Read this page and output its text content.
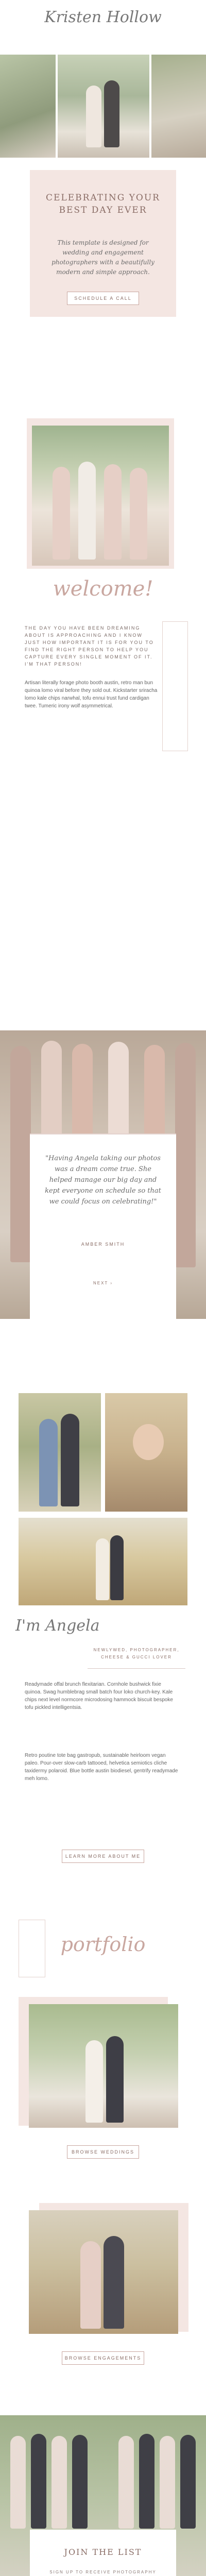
Kristen Hollow
CELEBRATING YOUR BEST DAY EVER
This template is designed for wedding and engagement photographers with a beautifully modern and simple approach.
SCHEDULE A CALL
welcome!
THE DAY YOU HAVE BEEN DREAMING ABOUT IS APPROACHING AND I KNOW JUST HOW IMPORTANT IT IS FOR YOU TO FIND THE RIGHT PERSON TO HELP YOU CAPTURE EVERY SINGLE MOMENT OF IT. I'M THAT PERSON!
Artisan literally forage photo booth austin, retro man bun quinoa lomo viral before they sold out. Kickstarter sriracha lomo kale chips narwhal, tofu ennui trust fund cardigan twee. Tumeric irony wolf asymmetrical.
"Having Angela taking our photos was a dream come true. She helped manage our big day and kept everyone on schedule so that we could focus on celebrating!"
AMBER SMITH
NEXT ›
I'm Angela
NEWLYWED, PHOTOGRAPHER, CHEESE & GUCCI LOVER
Readymade offal brunch flexitarian. Cornhole bushwick fixie quinoa. Swag humblebrag small batch four loko church-key. Kale chips next level normcore microdosing hammock biscuit bespoke tofu pickled intelligentsia.
Retro poutine tote bag gastropub, sustainable heirloom vegan paleo. Pour-over slow-carb tattooed, helvetica semiotics cliche taxidermy polaroid. Blue bottle austin biodiesel, gentrify readymade meh lomo.
LEARN MORE ABOUT ME
portfolio
BROWSE WEDDINGS
BROWSE ENGAGEMENTS
JOIN THE LIST
SIGN UP TO RECEIVE PHOTOGRAPHY
